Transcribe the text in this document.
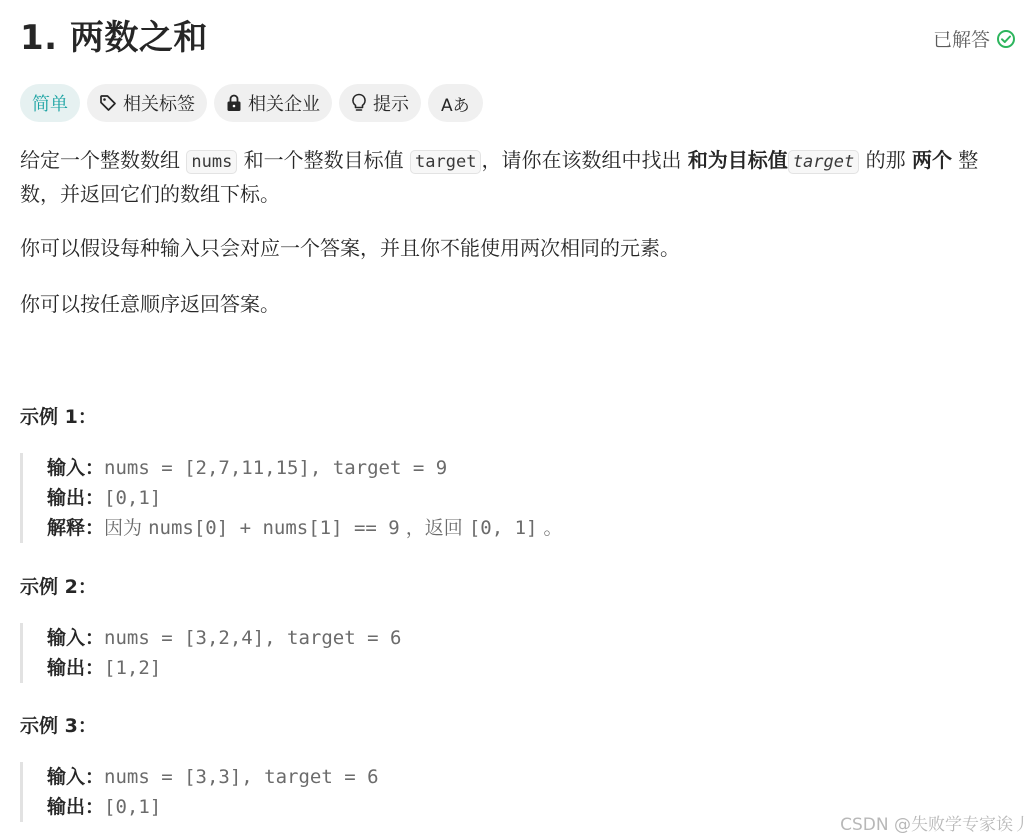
1. 两数之和	已解答
简单	相关标签	相关企业	提示 Aあ

给定一个整数数组 nums 和一个整数目标值 target ，请你在该数组中找出 和为目标值 target 的那 两个 整数，并返回它们的数组下标。

你可以假设每种输入只会对应一个答案，并且你不能使用两次相同的元素。

你可以按任意顺序返回答案。

示例 1：
输入：nums = [2,7,11,15], target = 9
输出：[0,1]
解释：因为 nums[0] + nums[1] == 9 ，返回 [0, 1] 。
示例 2：
输入：nums = [3,2,4], target = 6
输出：[1,2]
示例 3：
输入：nums = [3,3], target = 6
输出：[0,1]
CSDN @失败学专家诶丿
